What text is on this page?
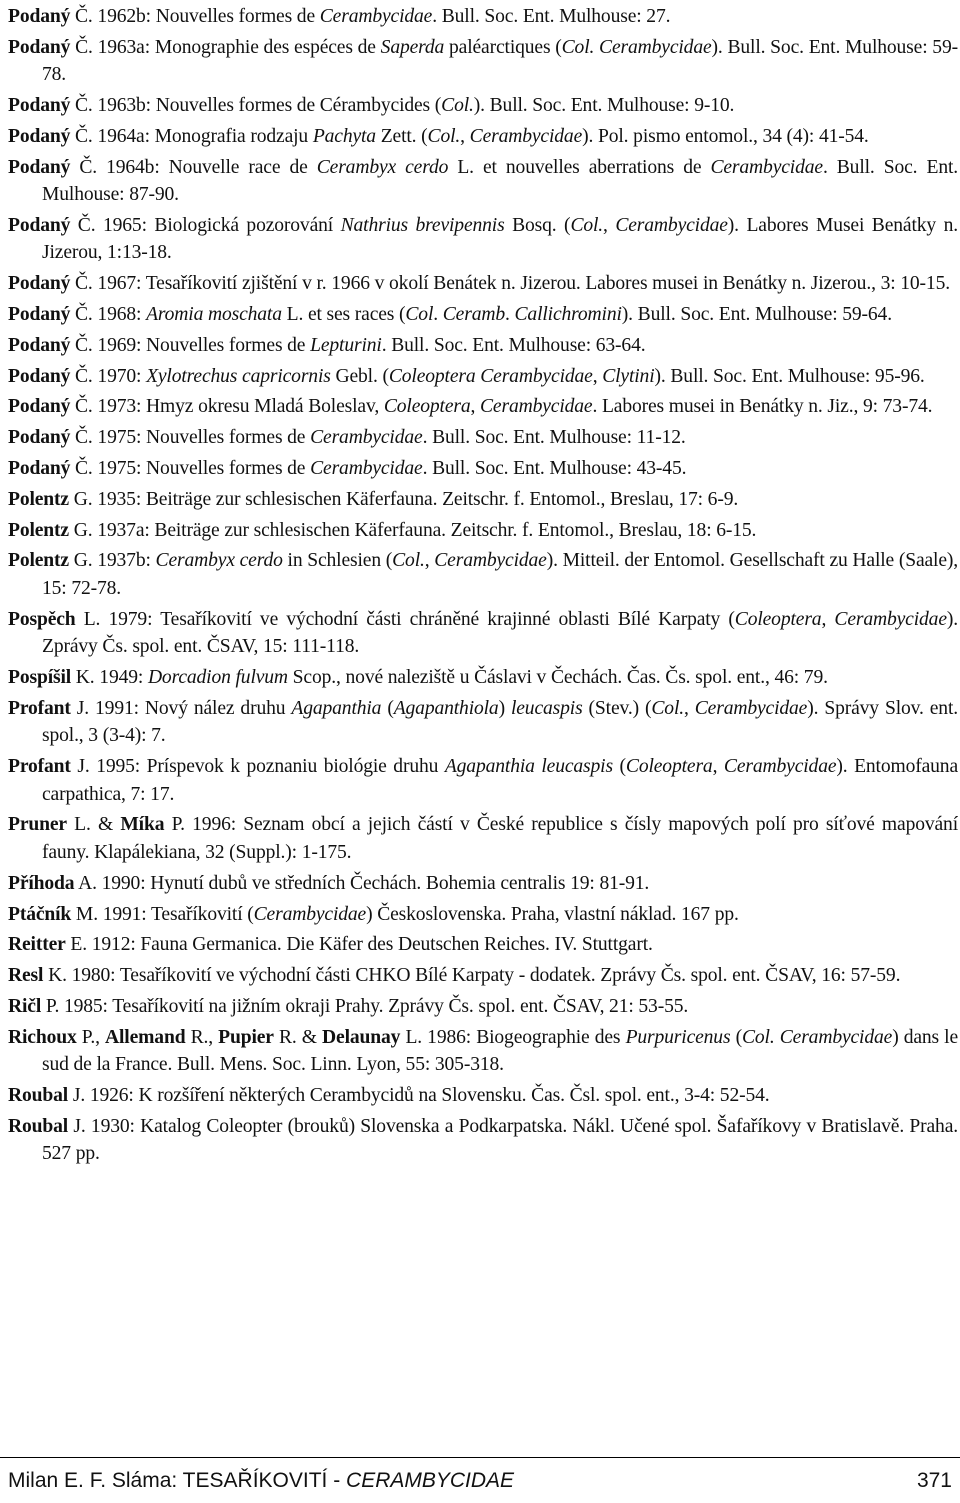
Podaný Č. 1962b: Nouvelles formes de Cerambycidae. Bull. Soc. Ent. Mulhouse: 27.

Podaný Č. 1963a: Monographie des espéces de Saperda paléarctiques (Col. Cerambycidae). Bull. Soc. Ent. Mulhouse: 59-78.

Podaný Č. 1963b: Nouvelles formes de Cérambycides (Col.). Bull. Soc. Ent. Mulhouse: 9-10.

Podaný Č. 1964a: Monografia rodzaju Pachyta Zett. (Col., Cerambycidae). Pol. pismo entomol., 34 (4): 41-54.

Podaný Č. 1964b: Nouvelle race de Cerambyx cerdo L. et nouvelles aberrations de Cerambycidae. Bull. Soc. Ent. Mulhouse: 87-90.

Podaný Č. 1965: Biologická pozorování Nathrius brevipennis Bosq. (Col., Cerambycidae). Labores Musei Benátky n. Jizerou, 1:13-18.

Podaný Č. 1967: Tesaříkovití zjištění v r. 1966 v okolí Benátek n. Jizerou. Labores musei in Benátky n. Jizerou., 3: 10-15.

Podaný Č. 1968: Aromia moschata L. et ses races (Col. Ceramb. Callichromini). Bull. Soc. Ent. Mulhouse: 59-64.

Podaný Č. 1969: Nouvelles formes de Lepturini. Bull. Soc. Ent. Mulhouse: 63-64.

Podaný Č. 1970: Xylotrechus capricornis Gebl. (Coleoptera Cerambycidae, Clytini). Bull. Soc. Ent. Mulhouse: 95-96.

Podaný Č. 1973: Hmyz okresu Mladá Boleslav, Coleoptera, Cerambycidae. Labores musei in Benátky n. Jiz., 9: 73-74.

Podaný Č. 1975: Nouvelles formes de Cerambycidae. Bull. Soc. Ent. Mulhouse: 11-12.

Podaný Č. 1975: Nouvelles formes de Cerambycidae. Bull. Soc. Ent. Mulhouse: 43-45.

Polentz G. 1935: Beiträge zur schlesischen Käferfauna. Zeitschr. f. Entomol., Breslau, 17: 6-9.

Polentz G. 1937a: Beiträge zur schlesischen Käferfauna. Zeitschr. f. Entomol., Breslau, 18: 6-15.

Polentz G. 1937b: Cerambyx cerdo in Schlesien (Col., Cerambycidae). Mitteil. der Entomol. Gesellschaft zu Halle (Saale), 15: 72-78.

Pospěch L. 1979: Tesaříkovití ve východní části chráněné krajinné oblasti Bílé Karpaty (Coleoptera, Cerambycidae). Zprávy Čs. spol. ent. ČSAV, 15: 111-118.

Pospíšil K. 1949: Dorcadion fulvum Scop., nové naleziště u Čáslavi v Čechách. Čas. Čs. spol. ent., 46: 79.

Profant J. 1991: Nový nález druhu Agapanthia (Agapanthiola) leucaspis (Stev.) (Col., Cerambycidae). Správy Slov. ent. spol., 3 (3-4): 7.

Profant J. 1995: Príspevok k poznaniu biológie druhu Agapanthia leucaspis (Coleoptera, Cerambycidae). Entomofauna carpathica, 7: 17.

Pruner L. & Míka P. 1996: Seznam obcí a jejich částí v České republice s čísly mapových polí pro síťové mapování fauny. Klapálekiana, 32 (Suppl.): 1-175.

Příhoda A. 1990: Hynutí dubů ve středních Čechách. Bohemia centralis 19: 81-91.

Ptáčník M. 1991: Tesaříkovití (Cerambycidae) Československa. Praha, vlastní náklad. 167 pp.

Reitter E. 1912: Fauna Germanica. Die Käfer des Deutschen Reiches. IV. Stuttgart.

Resl K. 1980: Tesaříkovití ve východní části CHKO Bílé Karpaty - dodatek. Zprávy Čs. spol. ent. ČSAV, 16: 57-59.

Ričl P. 1985: Tesaříkovití na jižním okraji Prahy. Zprávy Čs. spol. ent. ČSAV, 21: 53-55.

Richoux P., Allemand R., Pupier R. & Delaunay L. 1986: Biogeographie des Purpuricenus (Col. Cerambycidae) dans le sud de la France. Bull. Mens. Soc. Linn. Lyon, 55: 305-318.

Roubal J. 1926: K rozšíření některých Cerambycidů na Slovensku. Čas. Čsl. spol. ent., 3-4: 52-54.

Roubal J. 1930: Katalog Coleopter (brouků) Slovenska a Podkarpatska. Nákl. Učené spol. Šafaříkovy v Bratislavě. Praha. 527 pp.

Milan E. F. Sláma: TESAŘÍKOVITÍ - CERAMBYCIDAE	371
